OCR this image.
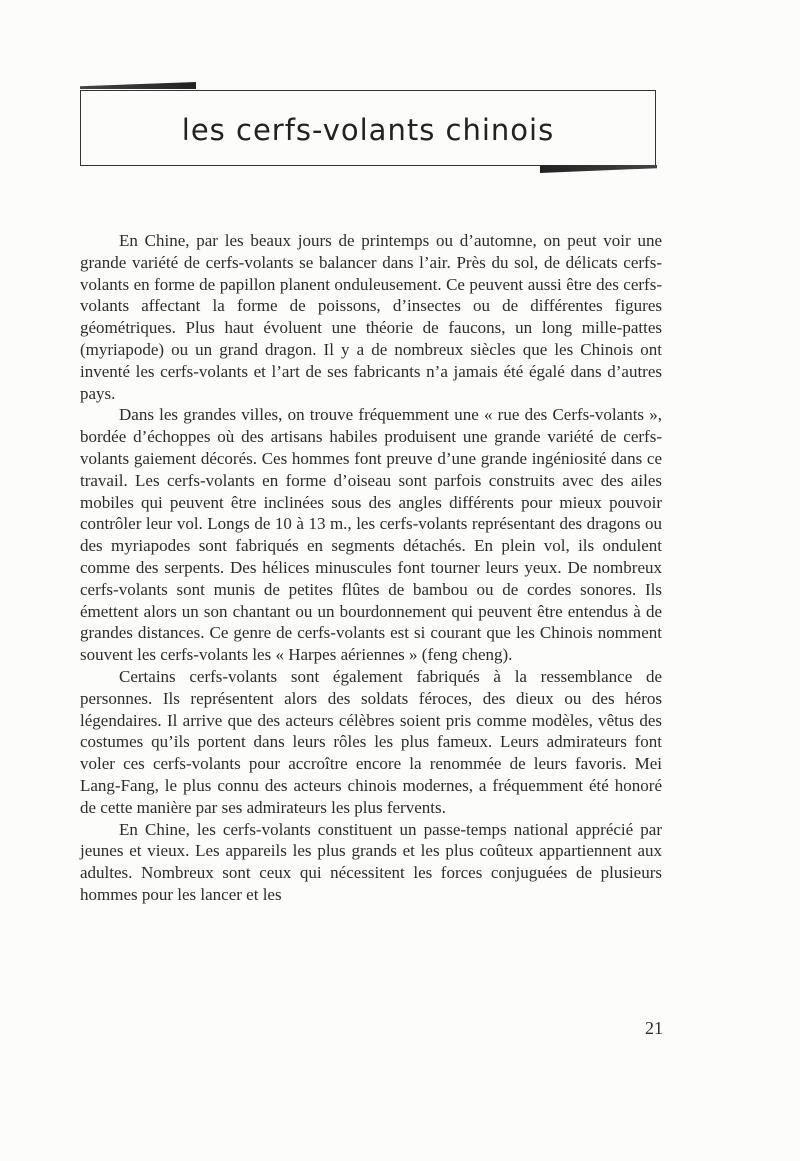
les cerfs-volants chinois

En Chine, par les beaux jours de printemps ou d’automne, on peut voir une grande variété de cerfs-volants se balancer dans l’air. Près du sol, de délicats cerfs-volants en forme de papillon planent onduleusement. Ce peuvent aussi être des cerfs-volants affectant la forme de poissons, d’insectes ou de différentes figures géométriques. Plus haut évoluent une théorie de faucons, un long mille-pattes (myriapode) ou un grand dragon. Il y a de nombreux siècles que les Chinois ont inventé les cerfs-volants et l’art de ses fabricants n’a jamais été égalé dans d’autres pays.

Dans les grandes villes, on trouve fréquemment une « rue des Cerfs-volants », bordée d’échoppes où des artisans habiles produisent une grande variété de cerfs-volants gaiement décorés. Ces hommes font preuve d’une grande ingéniosité dans ce travail. Les cerfs-volants en forme d’oiseau sont parfois construits avec des ailes mobiles qui peuvent être inclinées sous des angles différents pour mieux pouvoir contrôler leur vol. Longs de 10 à 13 m., les cerfs-volants représentant des dragons ou des myriapodes sont fabriqués en segments détachés. En plein vol, ils ondulent comme des serpents. Des hélices minuscules font tourner leurs yeux. De nombreux cerfs-volants sont munis de petites flûtes de bambou ou de cordes sonores. Ils émettent alors un son chantant ou un bourdonnement qui peuvent être entendus à de grandes distances. Ce genre de cerfs-volants est si courant que les Chinois nomment souvent les cerfs-volants les « Harpes aériennes » (feng cheng).

Certains cerfs-volants sont également fabriqués à la ressemblance de personnes. Ils représentent alors des soldats féroces, des dieux ou des héros légendaires. Il arrive que des acteurs célèbres soient pris comme modèles, vêtus des costumes qu’ils portent dans leurs rôles les plus fameux. Leurs admirateurs font voler ces cerfs-volants pour accroître encore la renommée de leurs favoris. Mei Lang-Fang, le plus connu des acteurs chinois modernes, a fréquemment été honoré de cette manière par ses admirateurs les plus fervents.

En Chine, les cerfs-volants constituent un passe-temps national apprécié par jeunes et vieux. Les appareils les plus grands et les plus coûteux appartiennent aux adultes. Nombreux sont ceux qui nécessitent les forces conjuguées de plusieurs hommes pour les lancer et les

21
